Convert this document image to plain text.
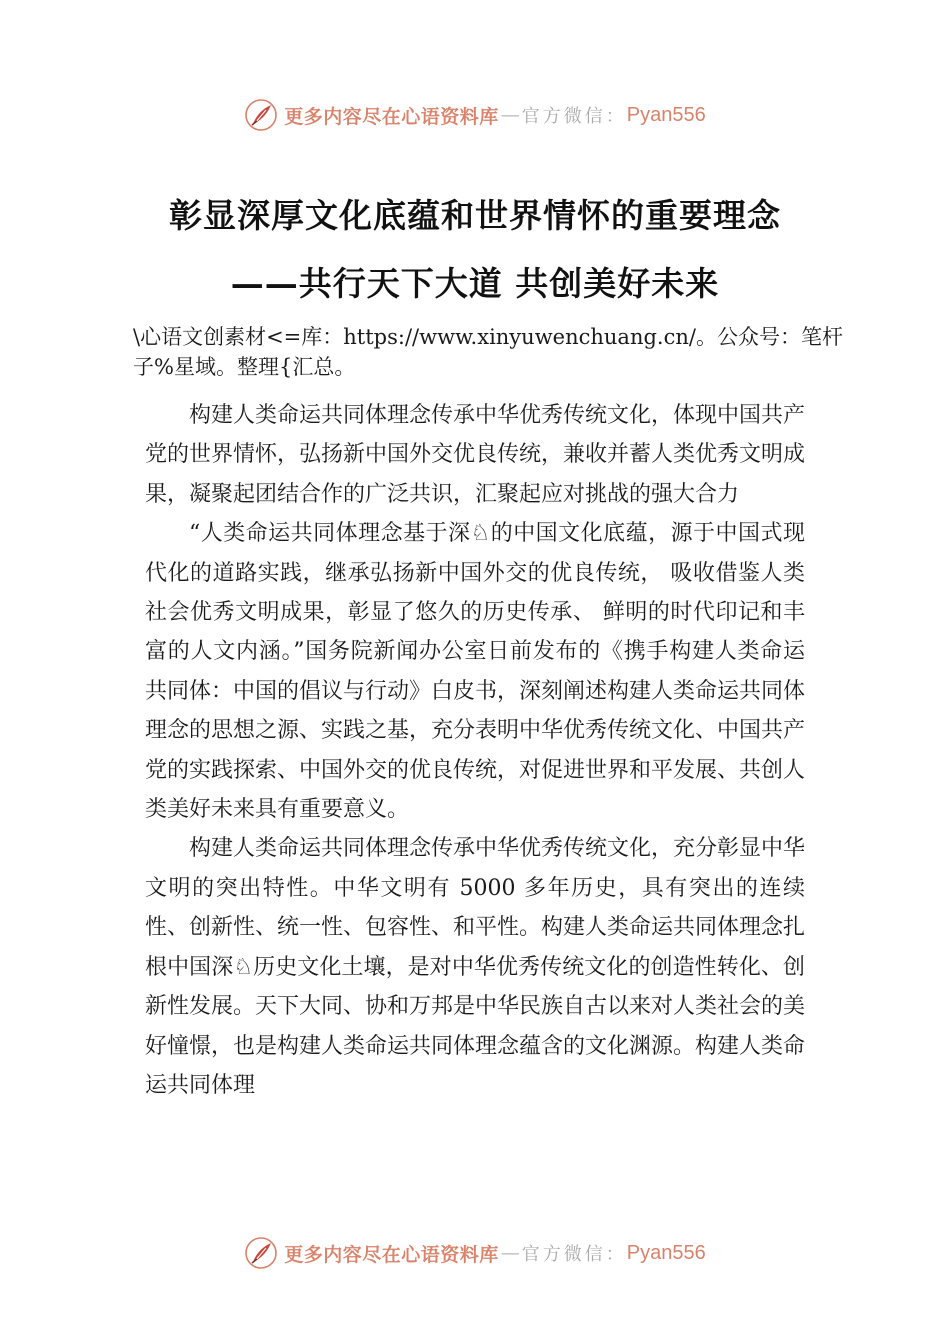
更多内容尽在心语资料库 — 官方微信： Pyan556
彰显深厚文化底蕴和世界情怀的重要理念
——共行天下大道 共创美好未来
\心语文创素材<=库：https://www.xinyuwenchuang.cn/。公众号：笔杆子%星域。整理{汇总。

构建人类命运共同体理念传承中华优秀传统文化，体现中国共产党的世界情怀，弘扬新中国外交优良传统，兼收并蓄人类优秀文明成果，凝聚起团结合作的广泛共识，汇聚起应对挑战的强大合力

“人类命运共同体理念基于深♘的中国文化底蕴，源于中国式现代化的道路实践，继承弘扬新中国外交的优良传统， 吸收借鉴人类社会优秀文明成果，彰显了悠久的历史传承、 鲜明的时代印记和丰富的人文内涵。”国务院新闻办公室日前发布的《携手构建人类命运共同体：中国的倡议与行动》白皮书，深刻阐述构建人类命运共同体理念的思想之源、实践之基，充分表明中华优秀传统文化、中国共产党的实践探索、中国外交的优良传统，对促进世界和平发展、共创人类美好未来具有重要意义。

构建人类命运共同体理念传承中华优秀传统文化，充分彰显中华文明的突出特性。中华文明有 5000 多年历史，具有突出的连续性、创新性、统一性、包容性、和平性。构建人类命运共同体理念扎根中国深♘历史文化土壤，是对中华优秀传统文化的创造性转化、创新性发展。天下大同、协和万邦是中华民族自古以来对人类社会的美好憧憬，也是构建人类命运共同体理念蕴含的文化渊源。构建人类命运共同体理

更多内容尽在心语资料库 — 官方微信： Pyan556
